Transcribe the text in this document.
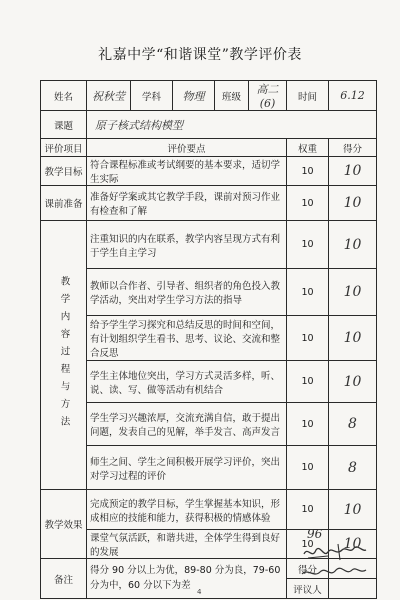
礼嘉中学“和谐课堂”教学评价表
姓名	祝秋莹	学科	物理	班级	高二(6)	时间	6.12
课题	原子核式结构模型						
评价项目	评价要点					权重	得分
教学目标	符合课程标准或考试纲要的基本要求，适切学生实际					10	10
课前准备	准备好学案或其它教学手段，课前对预习作业有检查和了解					10	10

教学内容过程与方法	注重知识的内在联系，教学内容呈现方式有利于学生自主学习					10	10
	教师以合作者、引导者、组织者的角色投入教学活动，突出对学生学习方法的指导					10	10
	给予学生学习探究和总结反思的时间和空间，有计划组织学生看书、思考、议论、交流和整合反思					10	10
	学生主体地位突出，学习方式灵活多样，听、说、读、写、做等活动有机结合					10	10
	学生学习兴趣浓厚，交流充满自信，敢于提出问题，发表自己的见解，举手发言、高声发言					10	8
	师生之间、学生之间积极开展学习评价，突出对学习过程的评价					10	8
教学效果	完成预定的教学目标，学生掌握基本知识，形成相应的技能和能力，获得积极的情感体验					10	10
	课堂气氛活跃，和谐共进，全体学生得到良好的发展					10	10
备注	得分 90 分以上为优，89-80 分为良，79-60 分为中，60 分以下为差					得分	
						评议人	
96
4
